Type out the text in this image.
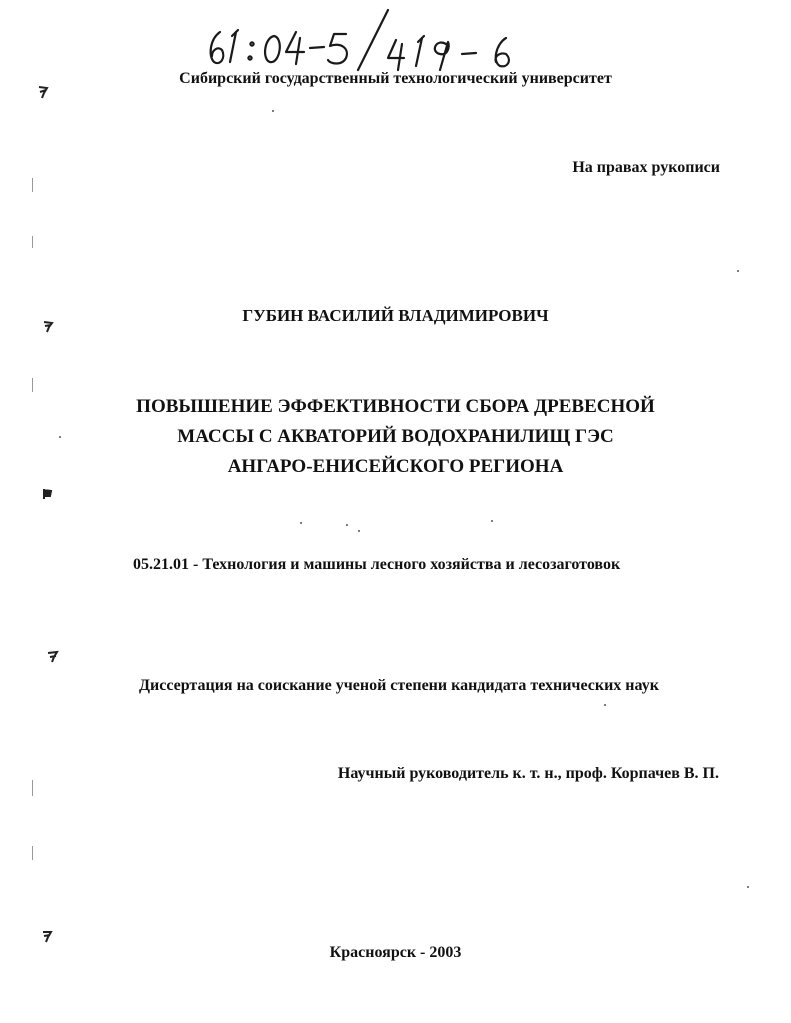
Сибирский государственный технологический университет
На правах рукописи
ГУБИН ВАСИЛИЙ ВЛАДИМИРОВИЧ
ПОВЫШЕНИЕ ЭФФЕКТИВНОСТИ СБОРА ДРЕВЕСНОЙ
МАССЫ С АКВАТОРИЙ ВОДОХРАНИЛИЩ ГЭС
АНГАРО-ЕНИСЕЙСКОГО РЕГИОНА
05.21.01 - Технология и машины лесного хозяйства и лесозаготовок
Диссертация на соискание ученой степени кандидата технических наук
Научный руководитель к. т. н., проф. Корпачев В. П.
Красноярск - 2003
